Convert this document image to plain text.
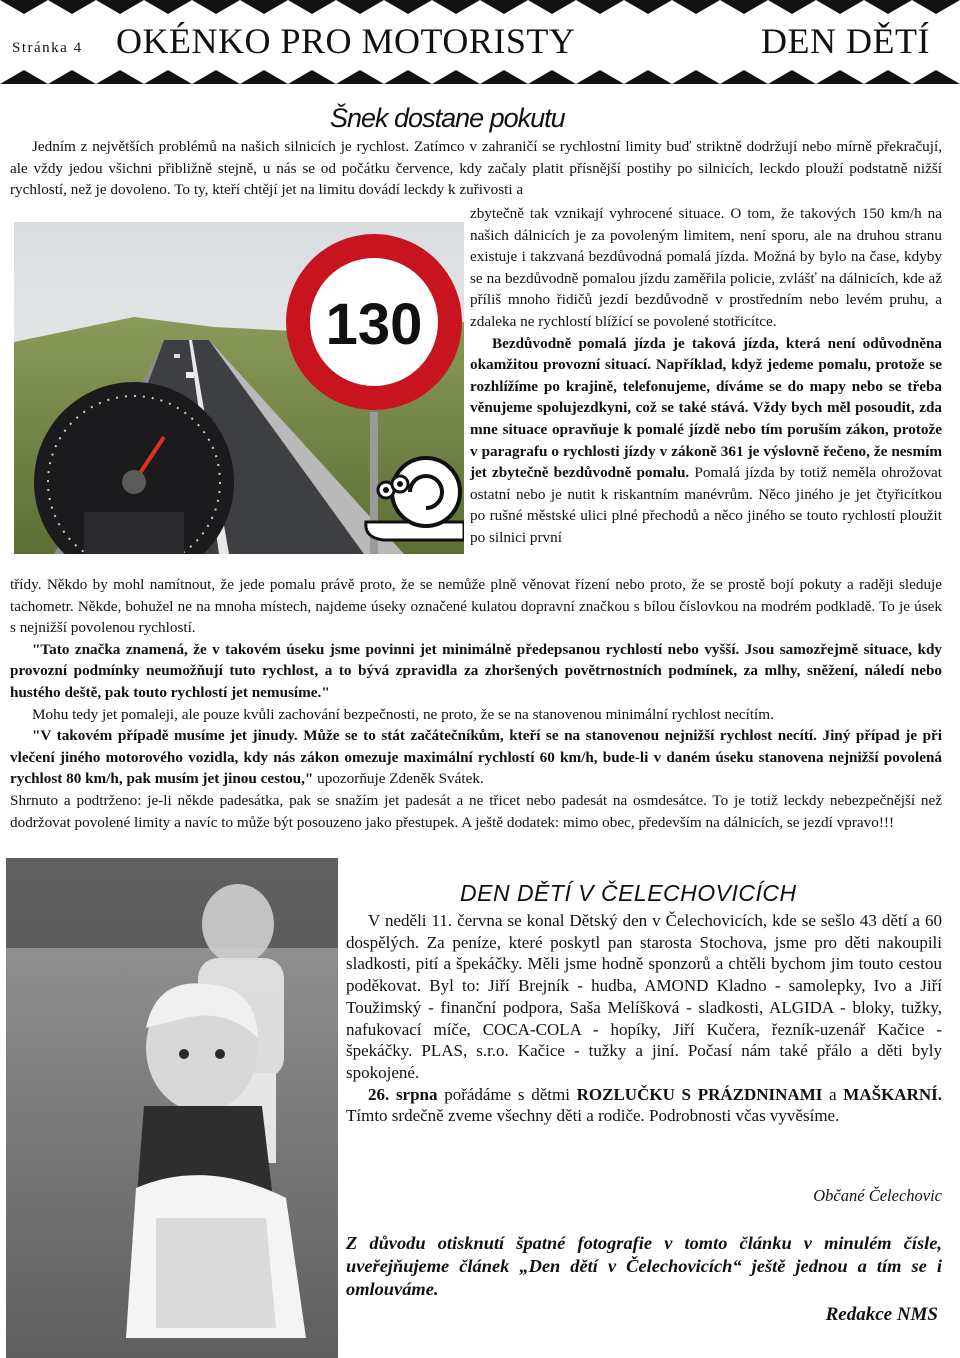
Stránka 4 OKÉNKO PRO MOTORISTY	DEN DĚTÍ
Šnek dostane pokutu

Jedním z největších problémů na našich silnicích je rychlost. Zatímco v zahraničí se rychlostní limity buď striktně dodržují nebo mírně překračují, ale vždy jedou všichni přibližně stejně, u nás se od počátku července, kdy začaly platit přísnější postihy po silnicích, leckdo plouží podstatně nižší rychlostí, než je dovoleno. To ty, kteří chtějí jet na limitu dovádí leckdy k zuřivosti a

zbytečně tak vznikají vyhrocené situace. O tom, že takových 150 km/h na našich dálnicích je za povoleným limitem, není sporu, ale na druhou stranu existuje i takzvaná bezdůvodná pomalá jízda. Možná by bylo na čase, kdyby se na bezdůvodně pomalou jízdu zaměřila policie, zvlášť na dálnicích, kde až příliš mnoho řidičů jezdí bezdůvodně v prostředním nebo levém pruhu, a zdaleka ne rychlostí blížící se povolené stotřicítce.

Bezdůvodně pomalá jízda je taková jízda, která není odůvodněna okamžitou provozní situací. Například, když jedeme pomalu, protože se rozhlížíme po krajině, telefonujeme, díváme se do mapy nebo se třeba věnujeme spolujezdkyni, což se také stává. Vždy bych měl posoudit, zda mne situace opravňuje k pomalé jízdě nebo tím poruším zákon, protože v paragrafu o rychlosti jízdy v zákoně 361 je výslovně řečeno, že nesmím jet zbytečně bezdůvodně pomalu. Pomalá jízda by totiž neměla ohrožovat ostatní nebo je nutit k riskantním manévrům. Něco jiného je jet čtyřicítkou po rušné městské ulici plné přechodů a něco jiného se touto rychlostí ploužit po silnici první

130

třídy. Někdo by mohl namítnout, že jede pomalu právě proto, že se nemůže plně věnovat řízení nebo proto, že se prostě bojí pokuty a raději sleduje tachometr. Někde, bohužel ne na mnoha místech, najdeme úseky označené kulatou dopravní značkou s bílou číslovkou na modrém podkladě. To je úsek s nejnižší povolenou rychlostí.

"Tato značka znamená, že v takovém úseku jsme povinni jet minimálně předepsanou rychlostí nebo vyšší. Jsou samozřejmě situace, kdy provozní podmínky neumožňují tuto rychlost, a to bývá zpravidla za zhoršených povětrnostních podmínek, za mlhy, sněžení, náledí nebo hustého deště, pak touto rychlostí jet nemusíme."

Mohu tedy jet pomaleji, ale pouze kvůli zachování bezpečnosti, ne proto, že se na stanovenou minimální rychlost necítím.

"V takovém případě musíme jet jinudy. Může se to stát začátečníkům, kteří se na stanovenou nejnižší rychlost necítí. Jiný případ je při vlečení jiného motorového vozidla, kdy nás zákon omezuje maximální rychlostí 60 km/h, bude-li v daném úseku stanovena nejnižší povolená rychlost 80 km/h, pak musím jet jinou cestou," upozorňuje Zdeněk Svátek.

Shrnuto a podtrženo: je-li někde padesátka, pak se snažím jet padesát a ne třicet nebo padesát na osmdesátce. To je totiž leckdy nebezpečnější než dodržovat povolené limity a navíc to může být posouzeno jako přestupek. A ještě dodatek: mimo obec, především na dálnicích, se jezdí vpravo!!!

DEN DĚTÍ V ČELECHOVICÍCH

V neděli 11. června se konal Dětský den v Čelechovicích, kde se sešlo 43 dětí a 60 dospělých. Za peníze, které poskytl pan starosta Stochova, jsme pro děti nakoupili sladkosti, pití a špekáčky. Měli jsme hodně sponzorů a chtěli bychom jim touto cestou poděkovat. Byl to: Jiří Brejník - hudba, AMOND Kladno - samolepky, Ivo a Jiří Toužimský - finanční podpora, Saša Melíšková - sladkosti, ALGIDA - bloky, tužky, nafukovací míče, COCA-COLA - hopíky, Jiří Kučera, řezník-uzenář Kačice - špekáčky. PLAS, s.r.o. Kačice - tužky a jiní. Počasí nám také přálo a děti byly spokojené.

26. srpna pořádáme s dětmi ROZLUČKU S PRÁZDNINAMI a MAŠKARNÍ. Tímto srdečně zveme všechny děti a rodiče. Podrobnosti včas vyvěsíme.

Občané Čelechovic
Z důvodu otisknutí špatné fotografie v tomto článku v minulém čísle, uveřejňujeme článek „Den dětí v Čelechovicích“ ještě jednou a tím se i omlouváme.
Redakce NMS
